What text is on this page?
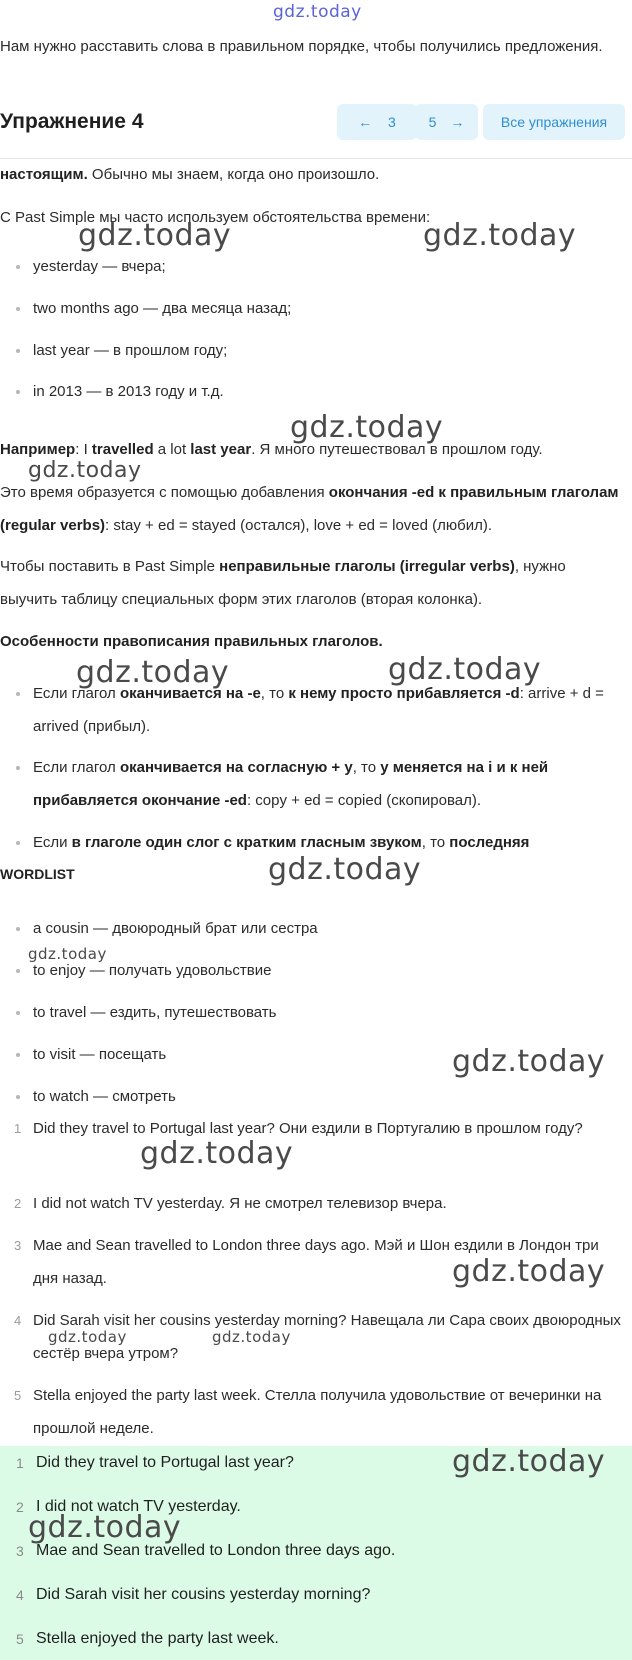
gdz.today
Нам нужно расставить слова в правильном порядке, чтобы получились предложения.
Упражнение 4	← 3	5 →	Все упражнения
настоящим. Обычно мы знаем, когда оно произошло.
С Past Simple мы часто используем обстоятельства времени:
yesterday — вчера;
two months ago — два месяца назад;
last year — в прошлом году;
in 2013 — в 2013 году и т.д.
Например: I travelled a lot last year. Я много путешествовал в прошлом году.
Это время образуется с помощью добавления окончания -ed к правильным глаголам (regular verbs): stay + ed = stayed (остался), love + ed = loved (любил).
Чтобы поставить в Past Simple неправильные глаголы (irregular verbs), нужно выучить таблицу специальных форм этих глаголов (вторая колонка).
Особенности правописания правильных глаголов.
Если глагол оканчивается на -e, то к нему просто прибавляется -d: arrive + d = arrived (прибыл).
Если глагол оканчивается на согласную + y, то y меняется на i и к ней прибавляется окончание -ed: copy + ed = copied (скопировал).
Если в глаголе один слог с кратким гласным звуком, то последняя
WORDLIST
a cousin — двоюродный брат или сестра
to enjoy — получать удовольствие
to travel — ездить, путешествовать
to visit — посещать
to watch — смотреть
1 Did they travel to Portugal last year? Они ездили в Португалию в прошлом году?
2 I did not watch TV yesterday. Я не смотрел телевизор вчера.
3 Mae and Sean travelled to London three days ago. Мэй и Шон ездили в Лондон три дня назад.
4 Did Sarah visit her cousins yesterday morning? Навещала ли Сара своих двоюродных сестёр вчера утром?
5 Stella enjoyed the party last week. Стелла получила удовольствие от вечеринки на прошлой неделе.
1 Did they travel to Portugal last year?
2 I did not watch TV yesterday.
3 Mae and Sean travelled to London three days ago.
4 Did Sarah visit her cousins yesterday morning?
5 Stella enjoyed the party last week.
gdz.today	gdz.today
gdz.today
gdz.today
gdz.today	gdz.today
gdz.today
gdz.today
gdz.today
gdz.today
gdz.today
gdz.today	gdz.today
gdz.today
gdz.today
